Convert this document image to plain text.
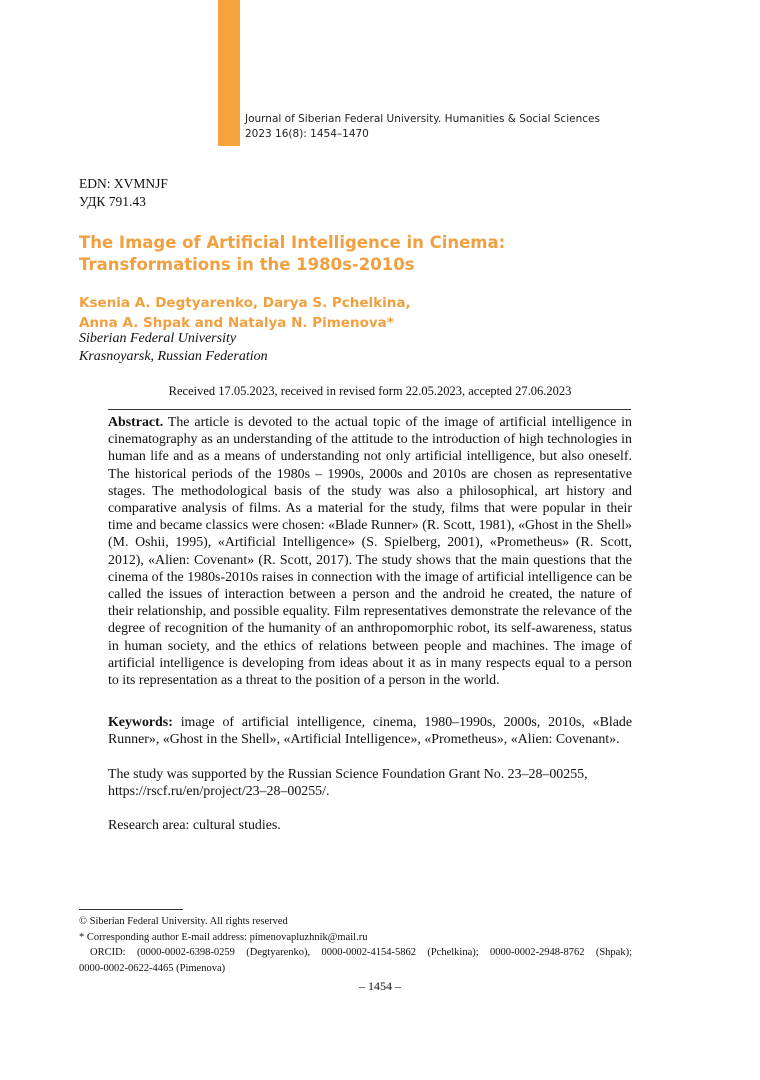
Journal of Siberian Federal University. Humanities & Social Sciences
2023 16(8): 1454–1470
EDN: XVMNJF
УДК 791.43
The Image of Artificial Intelligence in Cinema:
Transformations in the 1980s-2010s
Ksenia A. Degtyarenko, Darya S. Pchelkina,
Anna A. Shpak and Natalya N. Pimenova*
Siberian Federal University
Krasnoyarsk, Russian Federation
Received 17.05.2023, received in revised form 22.05.2023, accepted 27.06.2023
Abstract. The article is devoted to the actual topic of the image of artificial intelligence in cinematography as an understanding of the attitude to the introduction of high technologies in human life and as a means of understanding not only artificial intelligence, but also oneself. The historical periods of the 1980s – 1990s, 2000s and 2010s are chosen as representative stages. The methodological basis of the study was also a philosophical, art history and comparative analysis of films. As a material for the study, films that were popular in their time and became classics were chosen: «Blade Runner» (R. Scott, 1981), «Ghost in the Shell» (M. Oshii, 1995), «Artificial Intelligence» (S. Spielberg, 2001), «Prometheus» (R. Scott, 2012), «Alien: Covenant» (R. Scott, 2017). The study shows that the main questions that the cinema of the 1980s-2010s raises in connection with the image of artificial intelligence can be called the issues of interaction between a person and the android he created, the nature of their relationship, and possible equality. Film representatives demonstrate the relevance of the degree of recognition of the humanity of an anthropomorphic robot, its self-awareness, status in human society, and the ethics of relations between people and machines. The image of artificial intelligence is developing from ideas about it as in many respects equal to a person to its representation as a threat to the position of a person in the world.
Keywords: image of artificial intelligence, cinema, 1980–1990s, 2000s, 2010s, «Blade Runner», «Ghost in the Shell», «Artificial Intelligence», «Prometheus», «Alien: Covenant».
The study was supported by the Russian Science Foundation Grant No. 23–28–00255, https://rscf.ru/en/project/23–28–00255/.
Research area: cultural studies.
© Siberian Federal University. All rights reserved
* Corresponding author E-mail address: pimenovapluzhnik@mail.ru
ORCID: (0000-0002-6398-0259 (Degtyarenko), 0000-0002-4154-5862 (Pchelkina); 0000-0002-2948-8762 (Shpak);
0000-0002-0622-4465 (Pimenova)
– 1454 –
